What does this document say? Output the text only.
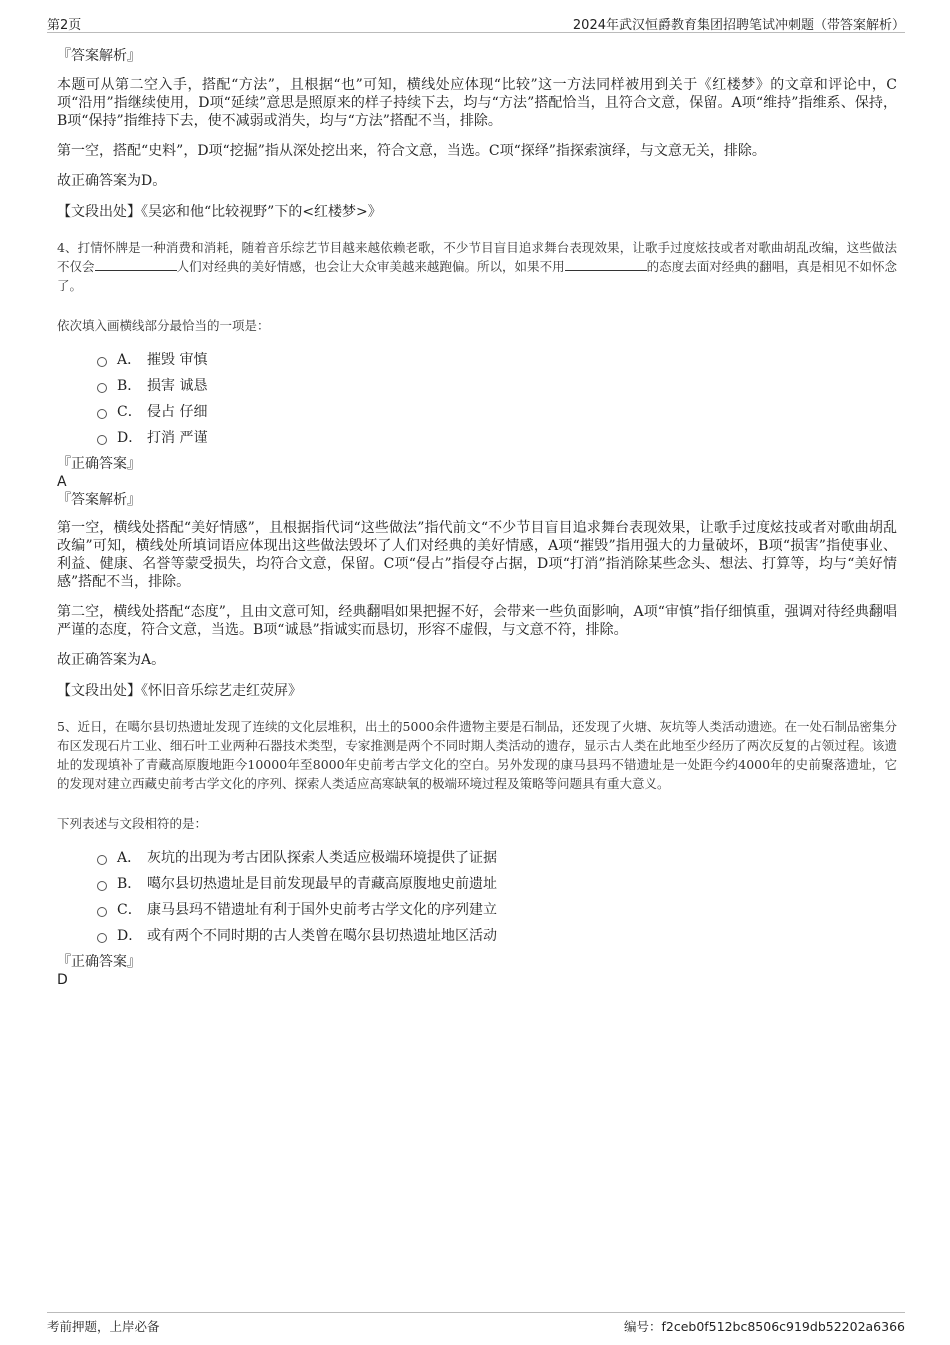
第2页	2024年武汉恒爵教育集团招聘笔试冲刺题（带答案解析）

『答案解析』

本题可从第二空入手，搭配“方法”，且根据“也”可知，横线处应体现“比较”这一方法同样被用到关于《红楼梦》的文章和评论中，C项“沿用”指继续使用，D项“延续”意思是照原来的样子持续下去，均与“方法”搭配恰当，且符合文意，保留。A项“维持”指维系、保持，B项“保持”指维持下去，使不减弱或消失，均与“方法”搭配不当，排除。

第一空，搭配“史料”，D项“挖掘”指从深处挖出来，符合文意，当选。C项“探绎”指探索演绎，与文意无关，排除。

故正确答案为D。

【文段出处】《吴宓和他“比较视野”下的<红楼梦>》

4、打情怀牌是一种消费和消耗，随着音乐综艺节目越来越依赖老歌，不少节目盲目追求舞台表现效果，让歌手过度炫技或者对歌曲胡乱改编，这些做法不仅会	人们对经典的美好情感，也会让大众审美越来越跑偏。所以，如果不用	的态度去面对经典的翻唱，真是相见不如怀念了。

依次填入画横线部分最恰当的一项是：

A． 摧毁 审慎
B． 损害 诚恳
C． 侵占 仔细
D． 打消 严谨

『正确答案』

A

『答案解析』

第一空，横线处搭配“美好情感”，且根据指代词“这些做法”指代前文“不少节目盲目追求舞台表现效果，让歌手过度炫技或者对歌曲胡乱改编”可知，横线处所填词语应体现出这些做法毁坏了人们对经典的美好情感，A项“摧毁”指用强大的力量破坏，B项“损害”指使事业、利益、健康、名誉等蒙受损失，均符合文意，保留。C项“侵占”指侵夺占据，D项“打消”指消除某些念头、想法、打算等，均与“美好情感”搭配不当，排除。

第二空，横线处搭配“态度”，且由文意可知，经典翻唱如果把握不好，会带来一些负面影响，A项“审慎”指仔细慎重，强调对待经典翻唱严谨的态度，符合文意，当选。B项“诚恳”指诚实而恳切，形容不虚假，与文意不符，排除。

故正确答案为A。

【文段出处】《怀旧音乐综艺走红荧屏》

5、近日，在噶尔县切热遗址发现了连续的文化层堆积，出土的5000余件遗物主要是石制品，还发现了火塘、灰坑等人类活动遗迹。在一处石制品密集分布区发现石片工业、细石叶工业两种石器技术类型，专家推测是两个不同时期人类活动的遗存，显示古人类在此地至少经历了两次反复的占领过程。该遗址的发现填补了青藏高原腹地距今10000年至8000年史前考古学文化的空白。另外发现的康马县玛不错遗址是一处距今约4000年的史前聚落遗址，它的发现对建立西藏史前考古学文化的序列、探索人类适应高寒缺氧的极端环境过程及策略等问题具有重大意义。

下列表述与文段相符的是：

A． 灰坑的出现为考古团队探索人类适应极端环境提供了证据
B． 噶尔县切热遗址是目前发现最早的青藏高原腹地史前遗址
C． 康马县玛不错遗址有利于国外史前考古学文化的序列建立
D． 或有两个不同时期的古人类曾在噶尔县切热遗址地区活动

『正确答案』

D

考前押题，上岸必备	编号：f2ceb0f512bc8506c919db52202a6366
